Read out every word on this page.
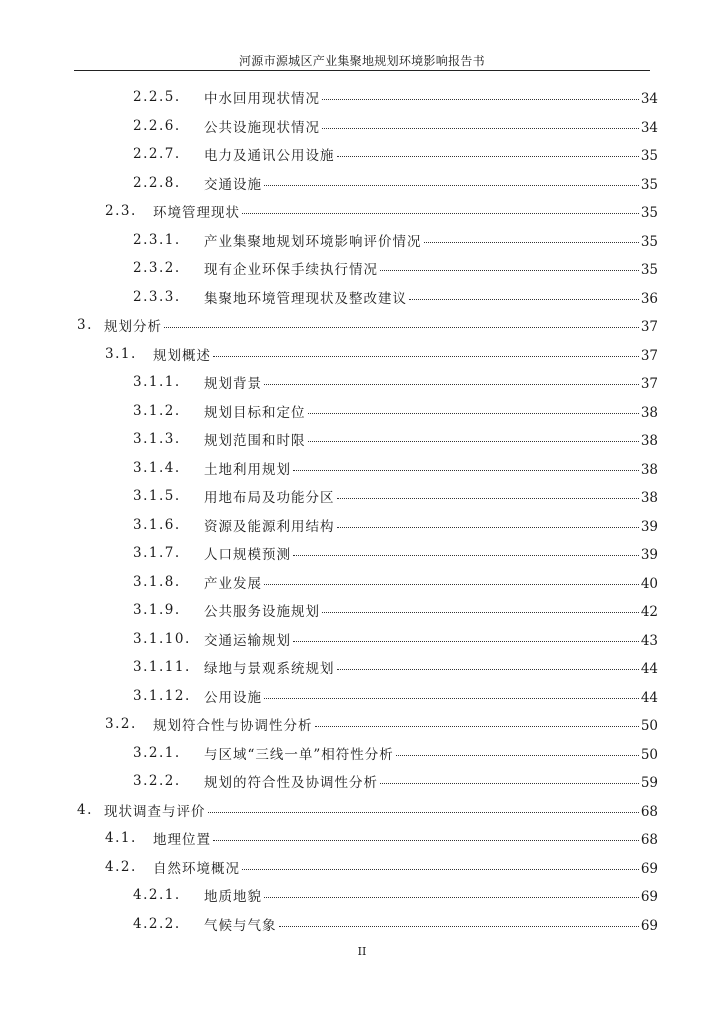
河源市源城区产业集聚地规划环境影响报告书
2.2.5. 中水回用现状情况	34
2.2.6. 公共设施现状情况	34
2.2.7. 电力及通讯公用设施	35
2.2.8. 交通设施	35
2.3. 环境管理现状	35
2.3.1. 产业集聚地规划环境影响评价情况	35
2.3.2. 现有企业环保手续执行情况	35
2.3.3. 集聚地环境管理现状及整改建议	36
3. 规划分析	37
3.1. 规划概述	37
3.1.1. 规划背景	37
3.1.2. 规划目标和定位	38
3.1.3. 规划范围和时限	38
3.1.4. 土地利用规划	38
3.1.5. 用地布局及功能分区	38
3.1.6. 资源及能源利用结构	39
3.1.7. 人口规模预测	39
3.1.8. 产业发展	40
3.1.9. 公共服务设施规划	42
3.1.10. 交通运输规划	43
3.1.11. 绿地与景观系统规划	44
3.1.12. 公用设施	44
3.2. 规划符合性与协调性分析	50
3.2.1. 与区域“三线一单”相符性分析	50
3.2.2. 规划的符合性及协调性分析	59
4. 现状调查与评价	68
4.1. 地理位置	68
4.2. 自然环境概况	69
4.2.1. 地质地貌	69
4.2.2. 气候与气象	69
II
